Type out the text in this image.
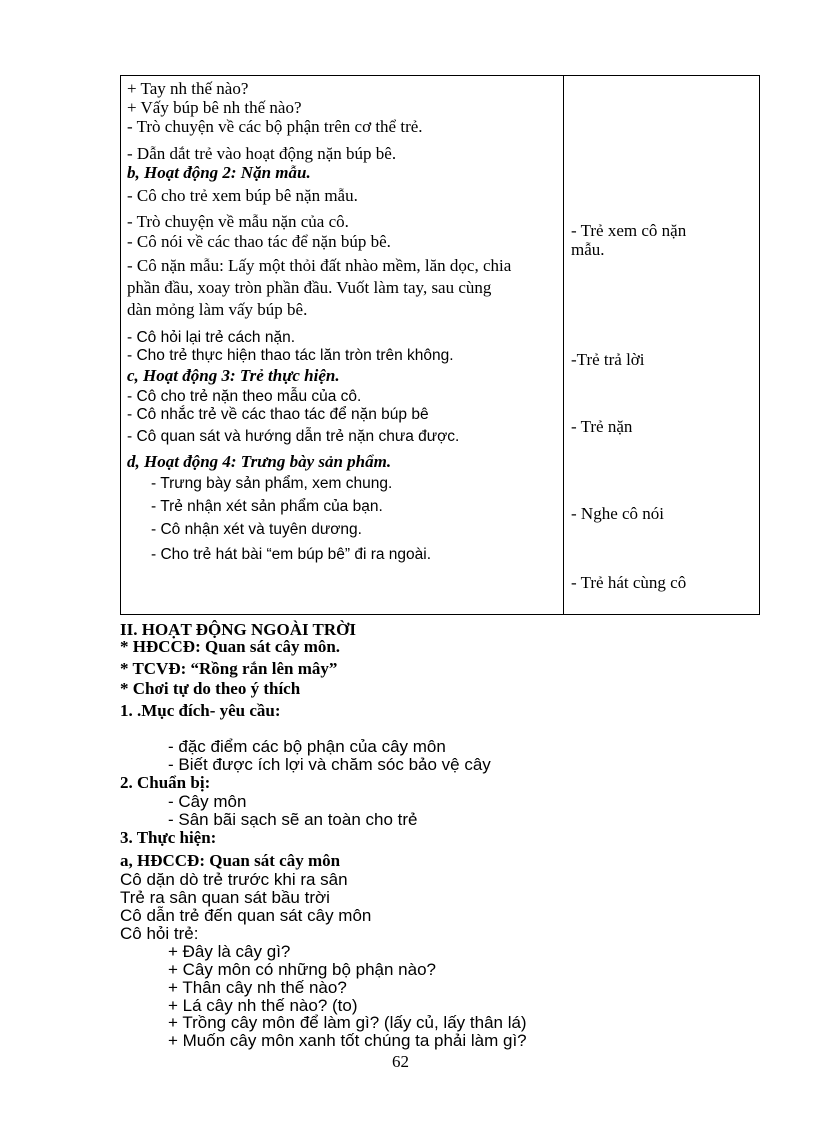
+ Tay nh thế nào?
+ Vấy búp bê nh thế nào?
- Trò chuyện về các bộ phận trên cơ thể trẻ.
- Dẫn dắt trẻ vào hoạt động nặn búp bê.
b, Hoạt động 2: Nặn mẫu.
- Cô cho trẻ xem búp bê nặn mẫu.
- Trò chuyện về mẫu nặn của cô.
- Cô nói về các thao tác để nặn búp bê.
- Cô nặn mẫu: Lấy một thỏi đất nhào mềm, lăn dọc, chia
phần đầu, xoay tròn phần đầu. Vuốt làm tay, sau cùng
dàn mỏng làm vấy búp bê.
- Cô hỏi lại trẻ cách nặn.
- Cho trẻ thực hiện thao tác lăn tròn trên không.
c, Hoạt động 3: Trẻ thực hiện.
- Cô cho trẻ nặn theo mẫu của cô.
- Cô nhắc trẻ về các thao tác để nặn búp bê
- Cô quan sát và hướng dẫn trẻ nặn chưa được.
d, Hoạt động 4: Trưng bày sản phẩm.
- Trưng bày sản phẩm, xem chung.
- Trẻ nhận xét sản phẩm của bạn.
- Cô nhận xét và tuyên dương.
- Cho trẻ hát bài “em búp bê” đi ra ngoài.
- Trẻ xem cô nặn
mẫu.
-Trẻ trả lời
- Trẻ nặn
- Nghe cô nói
- Trẻ hát cùng cô
II. HOẠT ĐỘNG NGOÀI TRỜI
* HĐCCĐ: Quan sát cây môn.
* TCVĐ: “Rồng rắn lên mây”
* Chơi tự do theo ý thích
1. .Mục đích- yêu cầu:
- đặc điểm các bộ phận của cây môn
- Biết được ích lợi và chăm sóc bảo vệ cây
2. Chuẩn bị:
- Cây môn
- Sân bãi sạch sẽ an toàn cho trẻ
3. Thực hiện:
a, HĐCCĐ: Quan sát cây môn
Cô dặn dò trẻ trước khi ra sân
Trẻ ra sân quan sát bầu trời
Cô dẫn trẻ đến quan sát cây môn
Cô hỏi trẻ:
+ Đây là cây gì?
+ Cây môn có những bộ phận nào?
+ Thân cây nh thế nào?
+ Lá cây nh thế nào? (to)
+ Trồng cây môn để làm gì? (lấy củ, lấy thân lá)
+ Muốn cây môn xanh tốt chúng ta phải làm gì?
62
